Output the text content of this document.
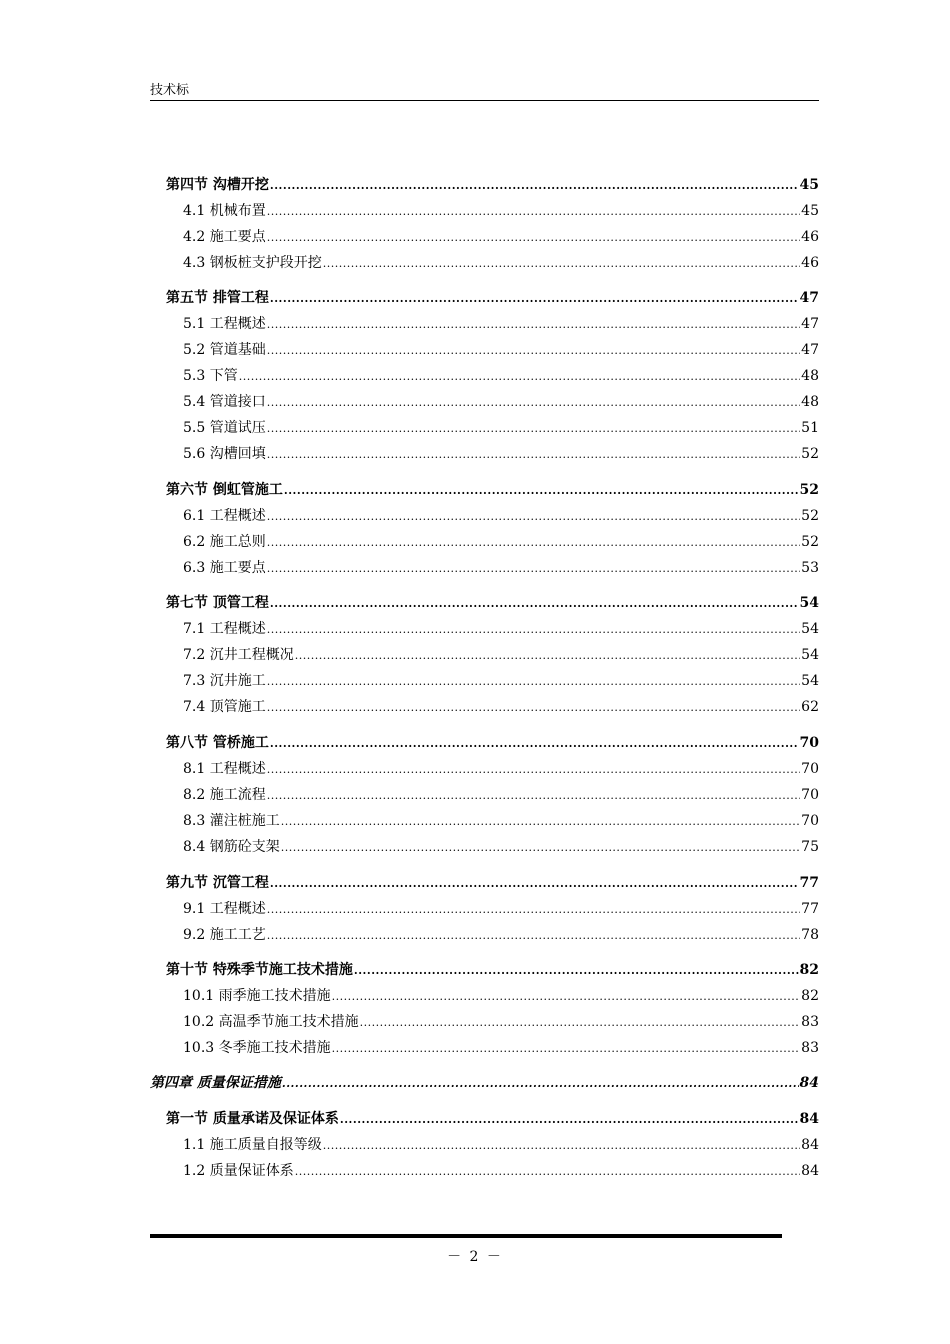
技术标
第四节 沟槽开挖 .....	45
4.1 机械布置 .....	45
4.2 施工要点 .....	46
4.3 钢板桩支护段开挖 .....	46
第五节 排管工程 .....	47
5.1 工程概述 .....	47
5.2 管道基础 .....	47
5.3 下管 .....	48
5.4 管道接口 .....	48
5.5 管道试压 .....	51
5.6 沟槽回填 .....	52
第六节 倒虹管施工 .....	52
6.1 工程概述 .....	52
6.2 施工总则 .....	52
6.3 施工要点 .....	53
第七节 顶管工程 .....	54
7.1 工程概述 .....	54
7.2 沉井工程概况 .....	54
7.3 沉井施工 .....	54
7.4 顶管施工 .....	62
第八节 管桥施工 .....	70
8.1 工程概述 .....	70
8.2 施工流程 .....	70
8.3 灌注桩施工 .....	70
8.4 钢筋砼支架 .....	75
第九节 沉管工程 .....	77
9.1 工程概述 .....	77
9.2 施工工艺 .....	78
第十节 特殊季节施工技术措施 .....	82
10.1 雨季施工技术措施 .....	82
10.2 高温季节施工技术措施 .....	83
10.3 冬季施工技术措施 .....	83
第四章 质量保证措施 .....	84
第一节 质量承诺及保证体系 .....	84
1.1 施工质量自报等级 .....	84
1.2 质量保证体系 .....	84
－ 2 －
